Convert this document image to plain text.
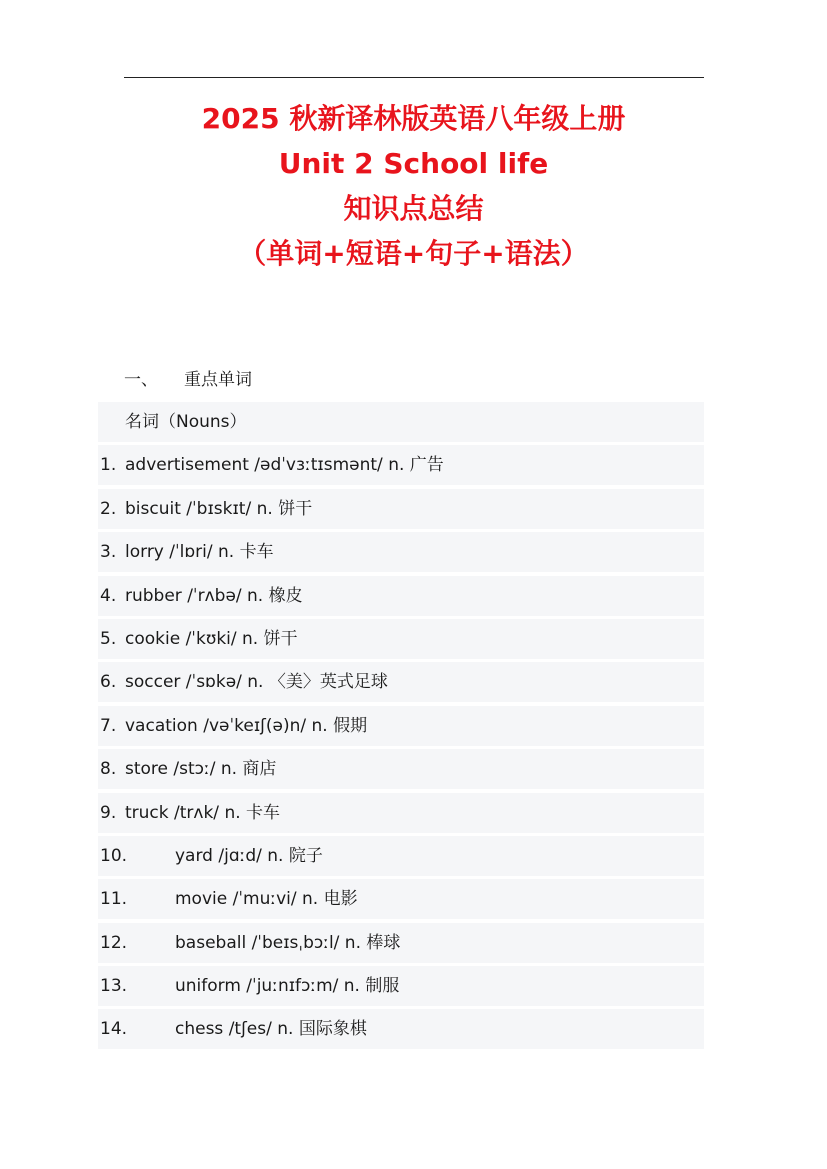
2025 秋新译林版英语八年级上册
Unit 2 School life
知识点总结
（单词+短语+句子+语法）
一、 重点单词
名词（Nouns）
1. advertisement /ədˈvɜːtɪsmənt/ n. 广告
2. biscuit /ˈbɪskɪt/ n. 饼干
3. lorry /ˈlɒri/ n. 卡车
4. rubber /ˈrʌbə/ n. 橡皮
5. cookie /ˈkʊki/ n. 饼干
6. soccer /ˈsɒkə/ n. 〈美〉英式足球
7. vacation /vəˈkeɪʃ(ə)n/ n. 假期
8. store /stɔː/ n. 商店
9. truck /trʌk/ n. 卡车
10.	yard /jɑːd/ n. 院子
11.	movie /ˈmuːvi/ n. 电影
12.	baseball /ˈbeɪsˌbɔːl/ n. 棒球
13.	uniform /ˈjuːnɪfɔːm/ n. 制服
14.	chess /tʃes/ n. 国际象棋
